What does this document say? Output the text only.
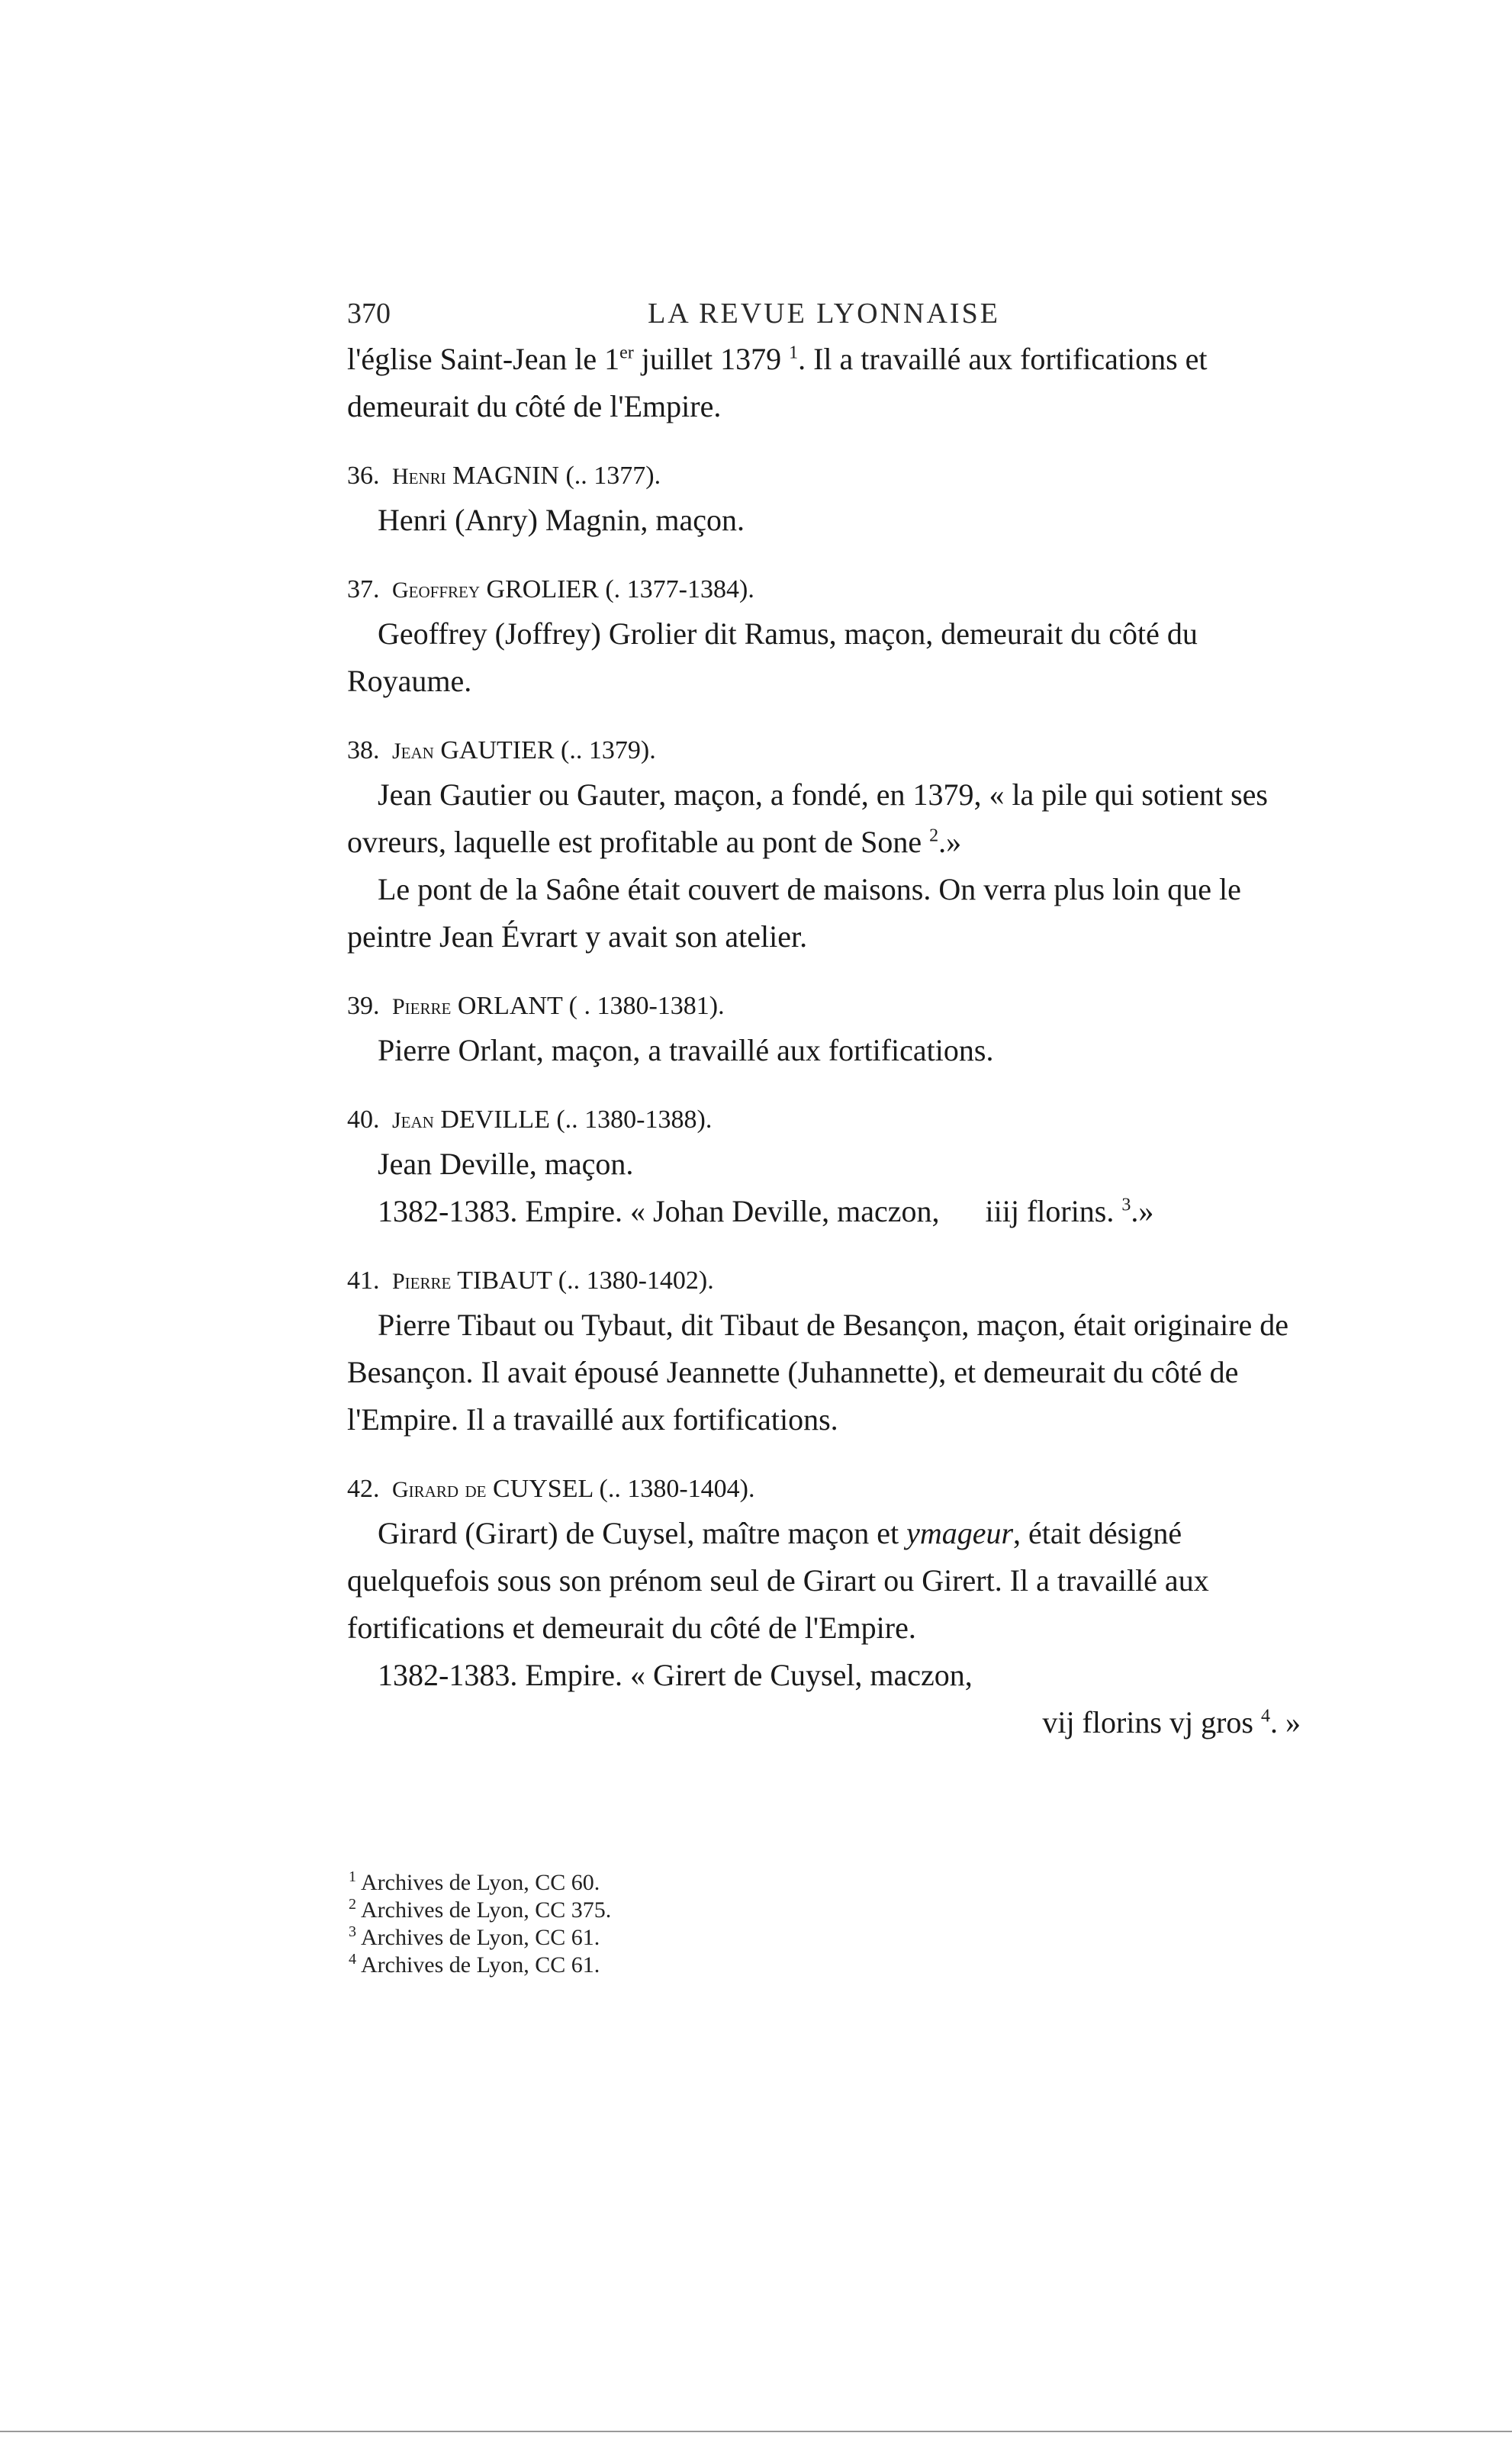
370	LA REVUE LYONNAISE

l'église Saint-Jean le 1er juillet 1379 $^1$. Il a travaillé aux fortifications et demeurait du côté de l'Empire.

36. Henri MAGNIN (.. 1377).

Henri (Anry) Magnin, maçon.

37. Geoffrey GROLIER (. 1377-1384).

Geoffrey (Joffrey) Grolier dit Ramus, maçon, demeurait du côté du Royaume.

38. Jean GAUTIER (.. 1379).

Jean Gautier ou Gauter, maçon, a fondé, en 1379, « la pile qui sotient ses ovreurs, laquelle est profitable au pont de Sone $^2$.»

Le pont de la Saône était couvert de maisons. On verra plus loin que le peintre Jean Évrart y avait son atelier.

39. Pierre ORLANT ( . 1380-1381).

Pierre Orlant, maçon, a travaillé aux fortifications.

40. Jean DEVILLE (.. 1380-1388).

Jean Deville, maçon.

1382-1383. Empire. « Johan Deville, maczon, iiij florins. $^3$.»

41. Pierre TIBAUT (.. 1380-1402).

Pierre Tibaut ou Tybaut, dit Tibaut de Besançon, maçon, était originaire de Besançon. Il avait épousé Jeannette (Juhannette), et demeurait du côté de l'Empire. Il a travaillé aux fortifications.

42. Girard de CUYSEL (.. 1380-1404).

Girard (Girart) de Cuysel, maître maçon et ymageur, était désigné quelquefois sous son prénom seul de Girart ou Girert. Il a travaillé aux fortifications et demeurait du côté de l'Empire.

1382-1383. Empire. « Girert de Cuysel, maczon,

vij florins vj gros $^4$. »

$^1$ Archives de Lyon, CC 60.

$^2$ Archives de Lyon, CC 375.

$^3$ Archives de Lyon, CC 61.

$^4$ Archives de Lyon, CC 61.
